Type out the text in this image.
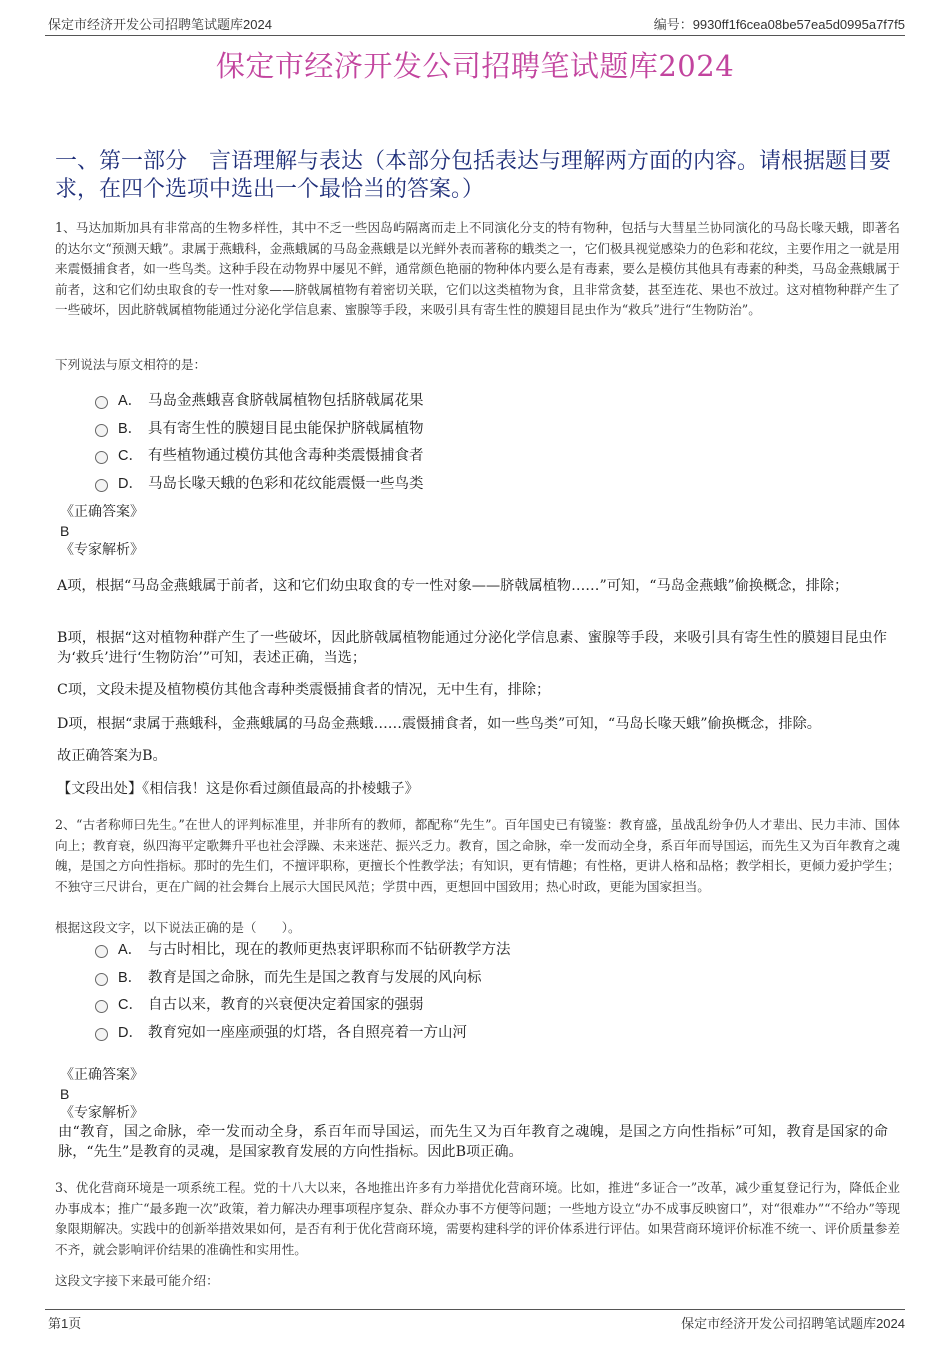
保定市经济开发公司招聘笔试题库2024	编号：9930ff1f6cea08be57ea5d0995a7f7f5
保定市经济开发公司招聘笔试题库2024
一、第一部分　言语理解与表达（本部分包括表达与理解两方面的内容。请根据题目要求，在四个选项中选出一个最恰当的答案。）
1、马达加斯加具有非常高的生物多样性，其中不乏一些因岛屿隔离而走上不同演化分支的特有物种，包括与大彗星兰协同演化的马岛长喙天蛾，即著名的达尔文“预测天蛾”。隶属于燕蛾科，金燕蛾属的马岛金燕蛾是以光鲜外表而著称的蛾类之一，它们极具视觉感染力的色彩和花纹，主要作用之一就是用来震慑捕食者，如一些鸟类。这种手段在动物界中屡见不鲜，通常颜色艳丽的物种体内要么是有毒素，要么是模仿其他具有毒素的种类，马岛金燕蛾属于前者，这和它们幼虫取食的专一性对象——脐戟属植物有着密切关联，它们以这类植物为食，且非常贪婪，甚至连花、果也不放过。这对植物种群产生了一些破坏，因此脐戟属植物能通过分泌化学信息素、蜜腺等手段，来吸引具有寄生性的膜翅目昆虫作为“救兵”进行“生物防治”。
下列说法与原文相符的是：
A． 马岛金燕蛾喜食脐戟属植物包括脐戟属花果
B． 具有寄生性的膜翅目昆虫能保护脐戟属植物
C． 有些植物通过模仿其他含毒种类震慑捕食者
D． 马岛长喙天蛾的色彩和花纹能震慑一些鸟类
《正确答案》
B
《专家解析》
A项，根据“马岛金燕蛾属于前者，这和它们幼虫取食的专一性对象——脐戟属植物……”可知，“马岛金燕蛾”偷换概念，排除；
B项，根据“这对植物种群产生了一些破坏，因此脐戟属植物能通过分泌化学信息素、蜜腺等手段，来吸引具有寄生性的膜翅目昆虫作为‘救兵’进行‘生物防治’”可知，表述正确，当选；
C项，文段未提及植物模仿其他含毒种类震慑捕食者的情况，无中生有，排除；
D项，根据“隶属于燕蛾科，金燕蛾属的马岛金燕蛾……震慑捕食者，如一些鸟类”可知，“马岛长喙天蛾”偷换概念，排除。
故正确答案为B。
【文段出处】《相信我！这是你看过颜值最高的扑棱蛾子》
2、“古者称师曰先生。”在世人的评判标准里，并非所有的教师，都配称“先生”。百年国史已有镜鉴：教育盛，虽战乱纷争仍人才辈出、民力丰沛、国体向上；教育衰，纵四海平定歌舞升平也社会浮躁、未来迷茫、振兴乏力。教育，国之命脉，牵一发而动全身，系百年而导国运，而先生又为百年教育之魂魄，是国之方向性指标。那时的先生们，不擅评职称，更擅长个性教学法；有知识，更有情趣；有性格，更讲人格和品格；教学相长，更倾力爱护学生；不独守三尺讲台，更在广阔的社会舞台上展示大国民风范；学贯中西，更想回中国致用；热心时政，更能为国家担当。
根据这段文字，以下说法正确的是（　　）。
A． 与古时相比，现在的教师更热衷评职称而不钻研教学方法
B． 教育是国之命脉，而先生是国之教育与发展的风向标
C． 自古以来，教育的兴衰便决定着国家的强弱
D． 教育宛如一座座顽强的灯塔，各自照亮着一方山河
《正确答案》
B
《专家解析》
由“教育，国之命脉，牵一发而动全身，系百年而导国运，而先生又为百年教育之魂魄，是国之方向性指标”可知，教育是国家的命脉，“先生”是教育的灵魂，是国家教育发展的方向性指标。因此B项正确。
3、优化营商环境是一项系统工程。党的十八大以来，各地推出许多有力举措优化营商环境。比如，推进“多证合一”改革，减少重复登记行为，降低企业办事成本；推广“最多跑一次”政策，着力解决办理事项程序复杂、群众办事不方便等问题；一些地方设立“办不成事反映窗口”，对“很难办”“不给办”等现象限期解决。实践中的创新举措效果如何，是否有利于优化营商环境，需要构建科学的评价体系进行评估。如果营商环境评价标准不统一、评价质量参差不齐，就会影响评价结果的准确性和实用性。
这段文字接下来最可能介绍：
第1页	保定市经济开发公司招聘笔试题库2024
